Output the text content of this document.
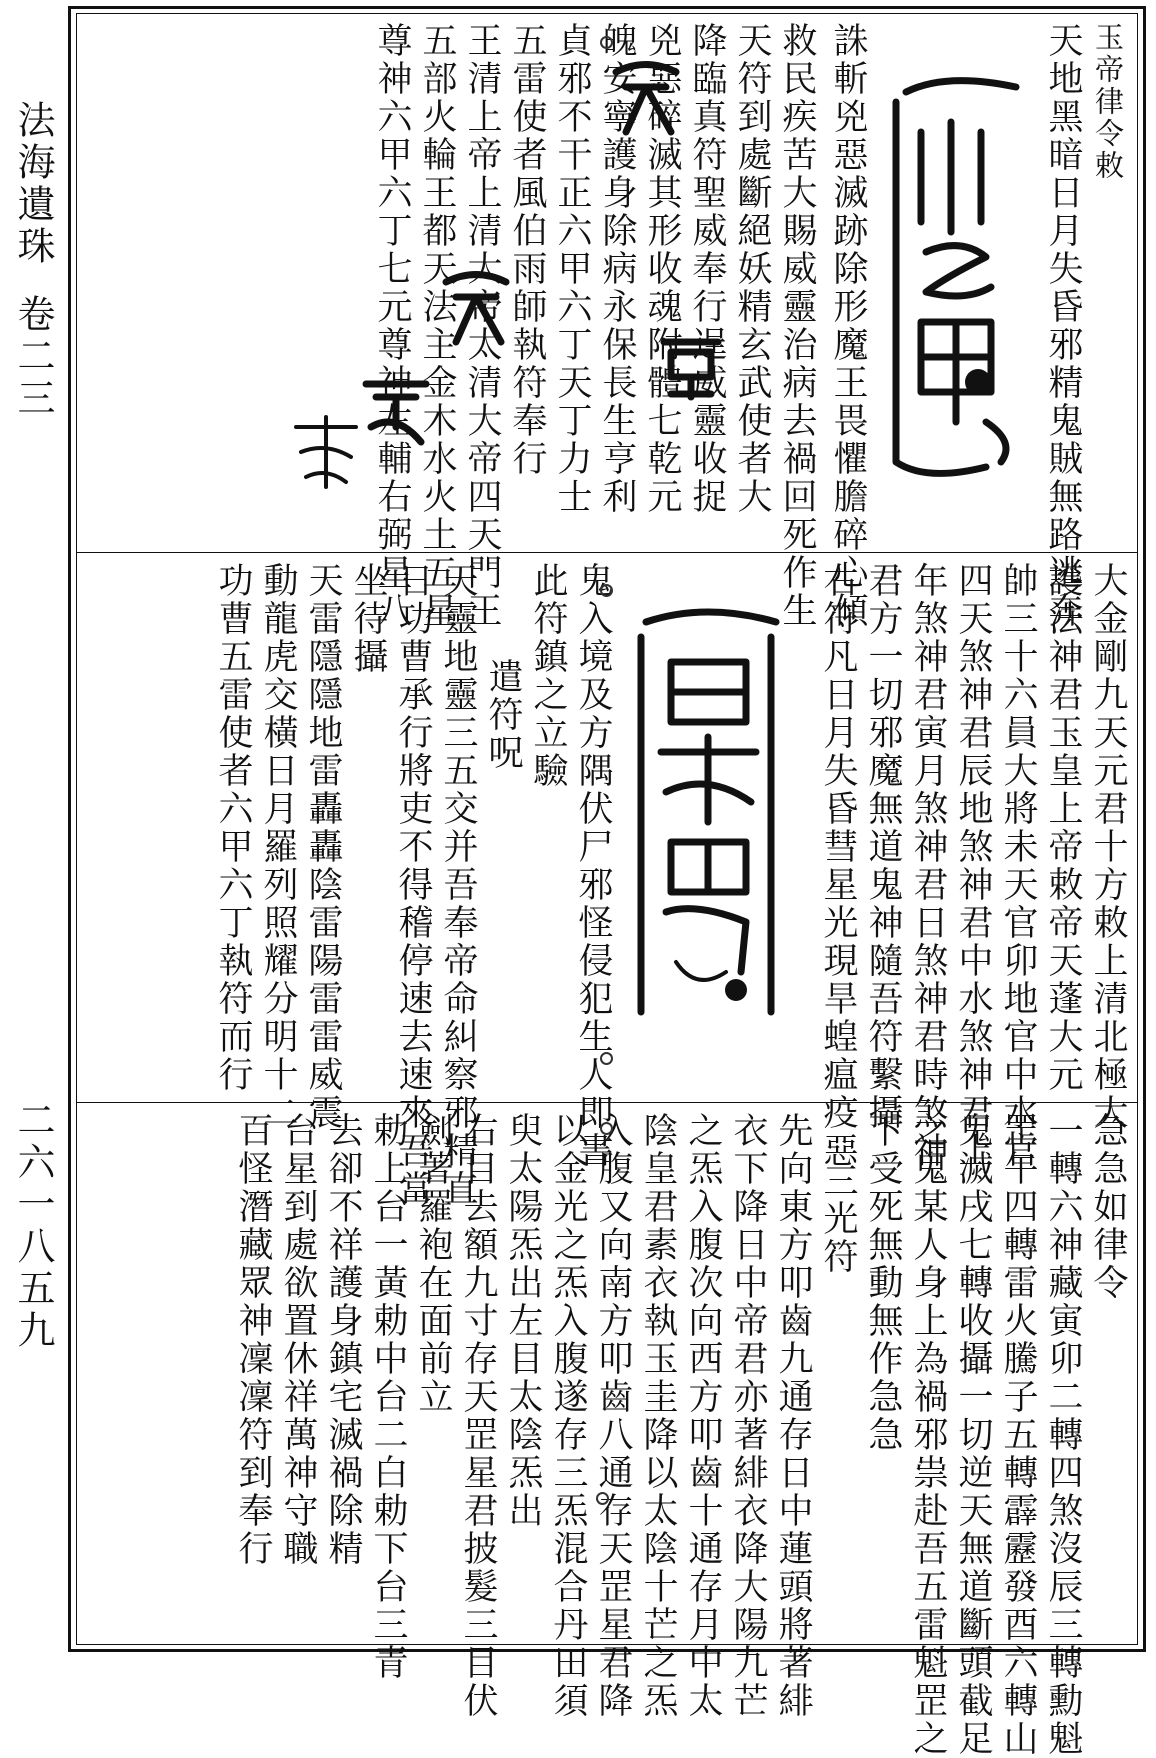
法海遺珠卷二三
二六一八五九
玉帝律令敕
天地黑暗日月失昏邪精鬼賊無路逃奔
誅斬兇惡滅跡除形魔王畏懼膽碎心傾
救民疾苦大賜威靈治病去禍回死作生
天符到處斷絕妖精玄武使者大
降臨真符聖威奉行逞威靈收捉
兇惡碎滅其形收魂附體七乾元
魄安寧護身除病永保長生亨利
貞邪不干正六甲六丁天丁力士
五雷使者風伯雨師執符奉行
王清上帝上清大帝太清大帝四天門王
五部火輪王都天法主金木水火土五星
尊神六甲六丁七元尊神左輔右弼星八
大金剛九天元君十方敕上清北極大
護法神君玉皇上帝敕帝天蓬大元
帥三十六員大將未天官卯地官中水官
四天煞神君辰地煞神君中水煞神君上
年煞神君寅月煞神君日煞神君時煞神
君方一切邪魔無道鬼神隨吾符繫攝
右符凡日月失昏彗星光現旱蝗瘟疫惡
鬼入境及方隅伏尸邪怪侵犯生人即書
此符鎮之立驗
遣符呪
天靈地靈三五交并吾奉帝命糾察邪精直
日功曹承行將吏不得稽停速去速來吾當
坐待攝
天雷隱隱地雷轟轟陰雷陽雷雷威震
動龍虎交橫日月羅列照耀分明十二
功曹五雷使者六甲六丁執符而行
急急如律令
一轉六神藏寅卯二轉四煞沒辰三轉勳魁
罡午四轉雷火騰子五轉霹靂發酉六轉山
鬼滅戌七轉收攝一切逆天無道斷頭截足
之鬼某人身上為禍邪祟赴吾五雷魁罡之
下受死無動無作急急
三光符
先向東方叩齒九通存日中蓮頭將著緋
衣下降日中帝君亦著緋衣降大陽九芒
之炁入腹次向西方叩齒十通存月中太
陰皇君素衣執玉圭降以太陰十芒之炁
入腹又向南方叩齒八通存天罡星君降
以金光之炁入腹遂存三炁混合丹田須
臾太陽炁出左目太陰炁出
右目去額九寸存天罡星君披髮三目伏
劍著羅袍在面前立
勅上台一黃勅中台二白勅下台三青
去卻不祥護身鎮宅滅禍除精
台星到處欲置休祥萬神守職
百怪潛藏眾神凜凜符到奉行
